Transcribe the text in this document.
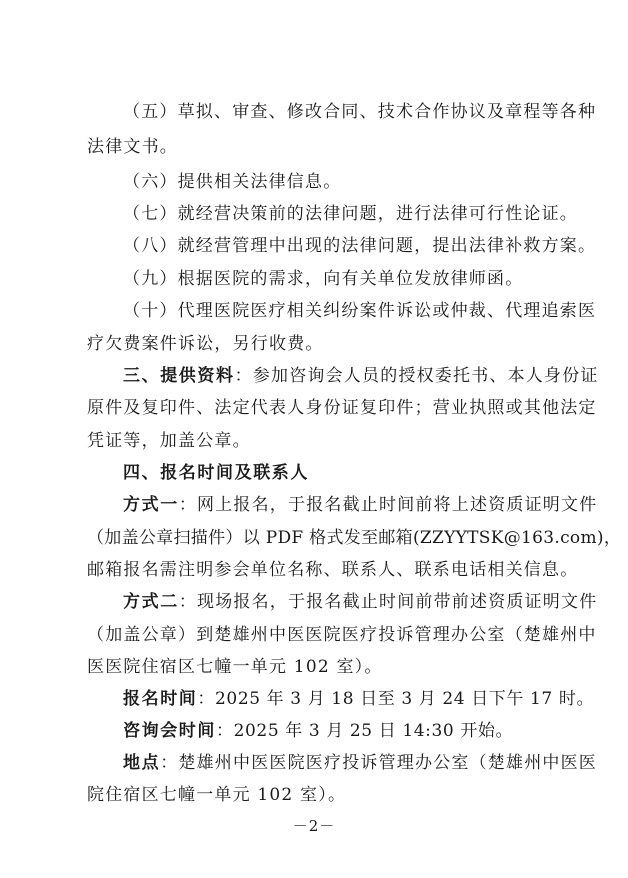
（五）草拟、审查、修改合同、技术合作协议及章程等各种
法律文书。
（六）提供相关法律信息。
（七）就经营决策前的法律问题，进行法律可行性论证。
（八）就经营管理中出现的法律问题，提出法律补救方案。
（九）根据医院的需求，向有关单位发放律师函。
（十）代理医院医疗相关纠纷案件诉讼或仲裁、代理追索医
疗欠费案件诉讼，另行收费。
三、提供资料：参加咨询会人员的授权委托书、本人身份证
原件及复印件、法定代表人身份证复印件；营业执照或其他法定
凭证等，加盖公章。
四、报名时间及联系人
方式一：网上报名，于报名截止时间前将上述资质证明文件
（加盖公章扫描件）以 PDF 格式发至邮箱(ZZYYTSK@163.com)，
邮箱报名需注明参会单位名称、联系人、联系电话相关信息。
方式二：现场报名，于报名截止时间前带前述资质证明文件
（加盖公章）到楚雄州中医医院医疗投诉管理办公室（楚雄州中
医医院住宿区七幢一单元 102 室）。
报名时间：2025 年 3 月 18 日至 3 月 24 日下午 17 时。
咨询会时间：2025 年 3 月 25 日 14:30 开始。
地点：楚雄州中医医院医疗投诉管理办公室（楚雄州中医医
院住宿区七幢一单元 102 室）。
－2－
